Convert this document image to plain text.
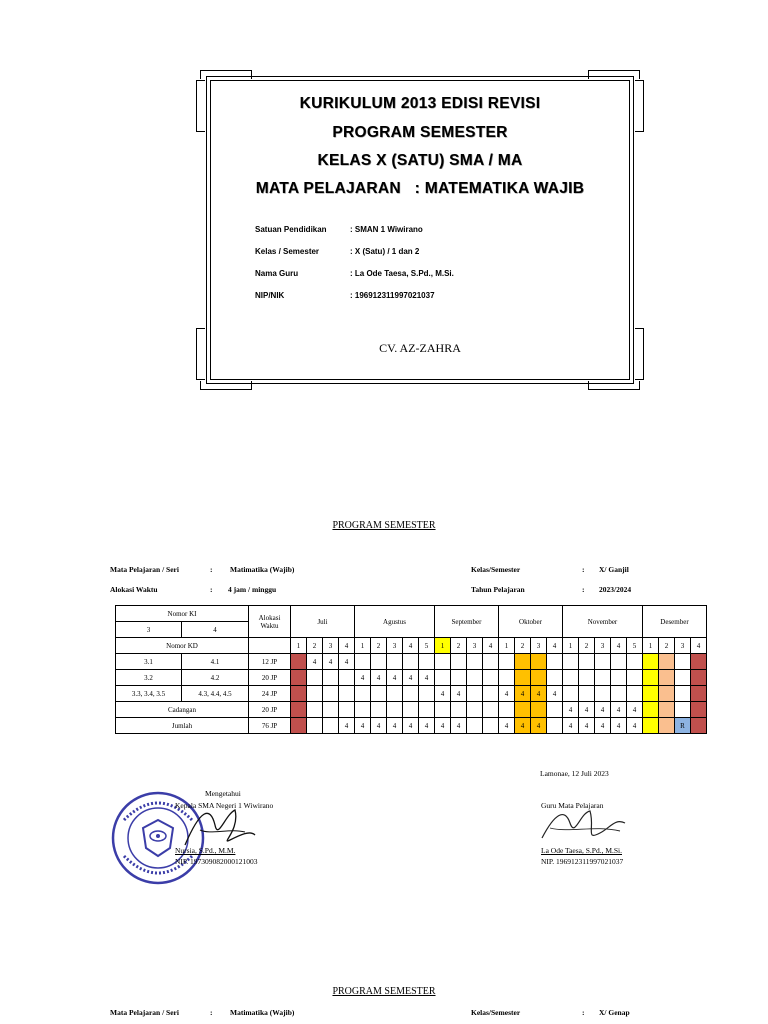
KURIKULUM 2013 EDISI REVISI
PROGRAM SEMESTER
KELAS X (SATU) SMA / MA
MATA PELAJARAN   : MATEMATIKA WAJIB
Satuan Pendidikan	: SMAN 1 Wiwirano
Kelas / Semester	: X (Satu) / 1 dan 2
Nama Guru	: La Ode Taesa, S.Pd., M.Si.
NIP/NIK	: 196912311997021037
CV. AZ-ZAHRA
PROGRAM SEMESTER
Mata Pelajaran / Seri	: Matimatika (Wajib)
Alokasi Waktu	: 4 jam / minggu
Kelas/Semester	: X/ Ganjil
Tahun Pelajaran	: 2023/2024
Nomor KI		Alokasi Waktu	Juli				Agustus					September				Oktober				November					Desember			
3	4																											
Nomor KD			1	2	3	4	1	2	3	4	5	1	2	3	4	1	2	3	4	1	2	3	4	5	1	2	3	4
3.1	4.1	12 JP		4	4	4																						
3.2	4.2	20 JP					4	4	4	4	4																	
3.3, 3.4, 3.5	4.3, 4.4, 4.5	24 JP										4	4			4	4	4	4									
Cadangan		20 JP																		4	4	4	4	4				
Jumlah		76 JP				4	4	4	4	4	4	4	4			4	4	4		4	4	4	4	4			R	
Lamonae, 12 Juli 2023
Mengetahui
Kepala SMA Negeri 1 Wiwirano
Nursia, S.Pd., M.M.
NIP. 197309082000121003
Guru Mata Pelajaran
La Ode Taesa, S.Pd., M.Si.
NIP. 196912311997021037
PROGRAM SEMESTER
Mata Pelajaran / Seri	: Matimatika (Wajib)	Kelas/Semester	: X/ Genap
